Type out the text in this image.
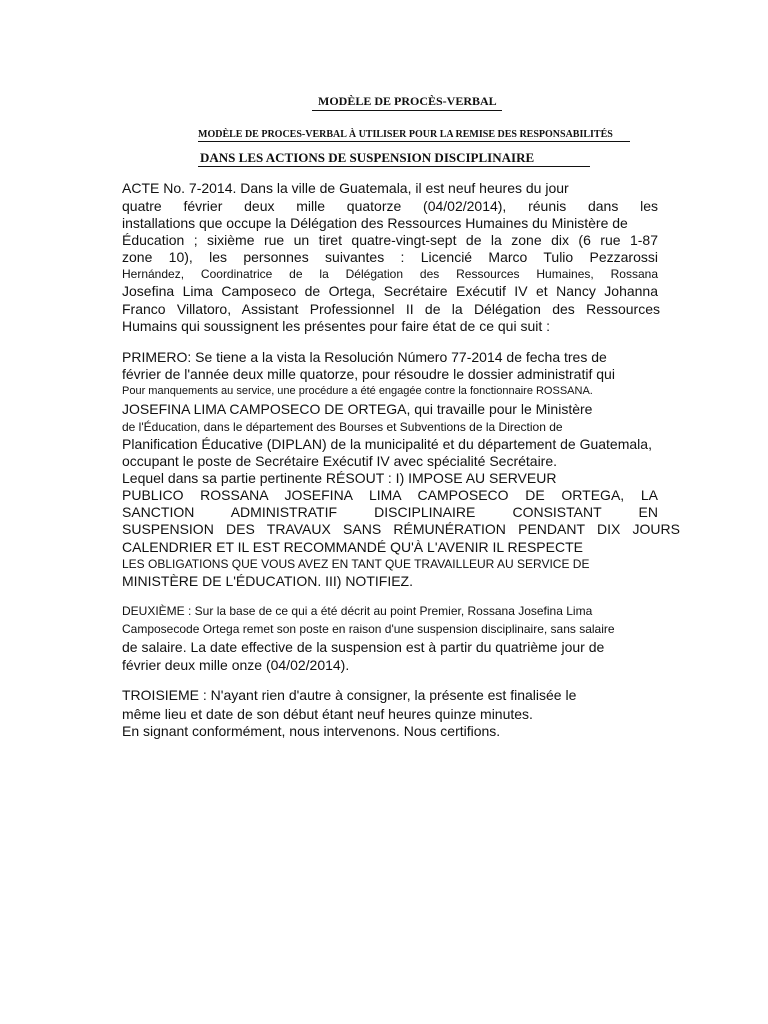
MODÈLE DE PROCÈS-VERBAL
MODÈLE DE PROCES-VERBAL À UTILISER POUR LA REMISE DES RESPONSABILITÉS
DANS LES ACTIONS DE SUSPENSION DISCIPLINAIRE
ACTE No. 7-2014. Dans la ville de Guatemala, il est neuf heures du jour
quatre février deux mille quatorze (04/02/2014), réunis dans les
installations que occupe la Délégation des Ressources Humaines du Ministère de
Éducation ; sixième rue un tiret quatre-vingt-sept de la zone dix (6 rue 1-87
zone 10), les personnes suivantes : Licencié Marco Tulio Pezzarossi
Hernández, Coordinatrice de la Délégation des Ressources Humaines, Rossana
Josefina Lima Camposeco de Ortega, Secrétaire Exécutif IV et Nancy Johanna
Franco Villatoro, Assistant Professionnel II de la Délégation des Ressources
Humains qui soussignent les présentes pour faire état de ce qui suit :
PRIMERO: Se tiene a la vista la Resolución Número 77-2014 de fecha tres de
février de l'année deux mille quatorze, pour résoudre le dossier administratif qui
Pour manquements au service, une procédure a été engagée contre la fonctionnaire ROSSANA.
JOSEFINA LIMA CAMPOSECO DE ORTEGA, qui travaille pour le Ministère
de l'Éducation, dans le département des Bourses et Subventions de la Direction de
Planification Éducative (DIPLAN) de la municipalité et du département de Guatemala,
occupant le poste de Secrétaire Exécutif IV avec spécialité Secrétaire.
Lequel dans sa partie pertinente RÉSOUT : I) IMPOSE AU SERVEUR
PUBLICO ROSSANA JOSEFINA LIMA CAMPOSECO DE ORTEGA, LA
SANCTION ADMINISTRATIF DISCIPLINAIRE CONSISTANT EN
SUSPENSION DES TRAVAUX SANS RÉMUNÉRATION PENDANT DIX JOURS
CALENDRIER ET IL EST RECOMMANDÉ QU'À L'AVENIR IL RESPECTE
LES OBLIGATIONS QUE VOUS AVEZ EN TANT QUE TRAVAILLEUR AU SERVICE DE
MINISTÈRE DE L'ÉDUCATION. III) NOTIFIEZ.
DEUXIÈME : Sur la base de ce qui a été décrit au point Premier, Rossana Josefina Lima
Camposecode Ortega remet son poste en raison d'une suspension disciplinaire, sans salaire
de salaire. La date effective de la suspension est à partir du quatrième jour de
février deux mille onze (04/02/2014).
TROISIEME : N'ayant rien d'autre à consigner, la présente est finalisée le
même lieu et date de son début étant neuf heures quinze minutes.
En signant conformément, nous intervenons. Nous certifions.
